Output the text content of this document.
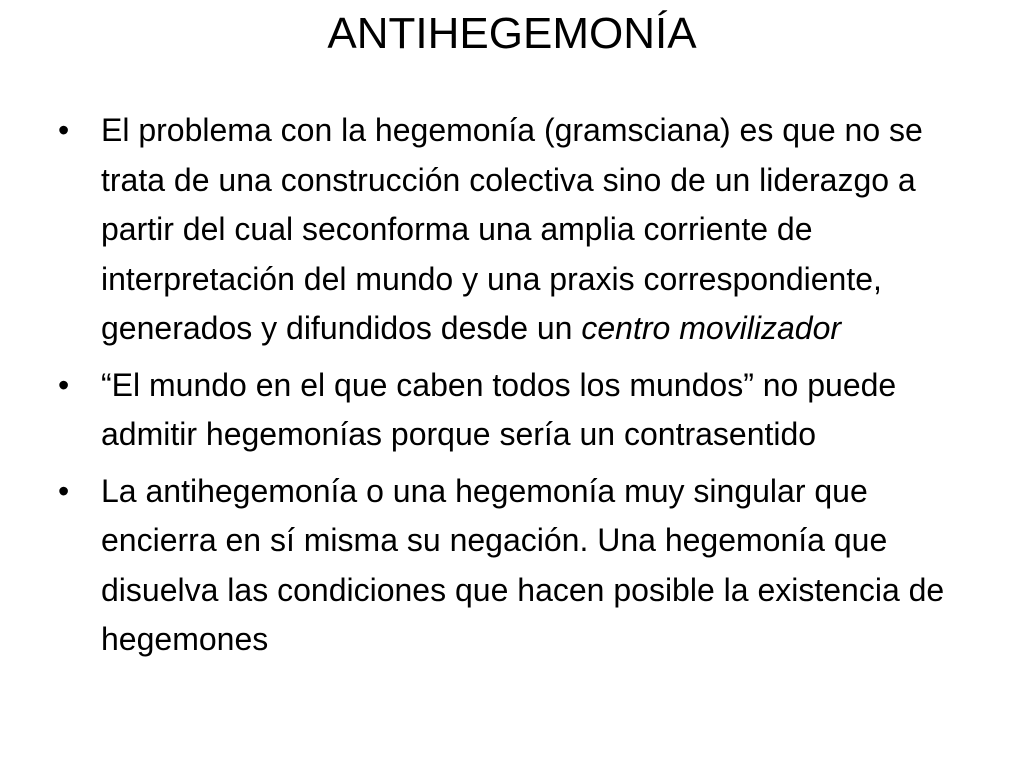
ANTIHEGEMONÍA
• El problema con la hegemonía (gramsciana) es que no se trata de una construcción colectiva sino de un liderazgo a partir del cual seconforma una amplia corriente de interpretación del mundo y una praxis correspondiente, generados y difundidos desde un centro movilizador
• “El mundo en el que caben todos los mundos” no puede admitir hegemonías porque sería un contrasentido
• La antihegemonía o una hegemonía muy singular que encierra en sí misma su negación. Una hegemonía que disuelva las condiciones que hacen posible la existencia de hegemones
